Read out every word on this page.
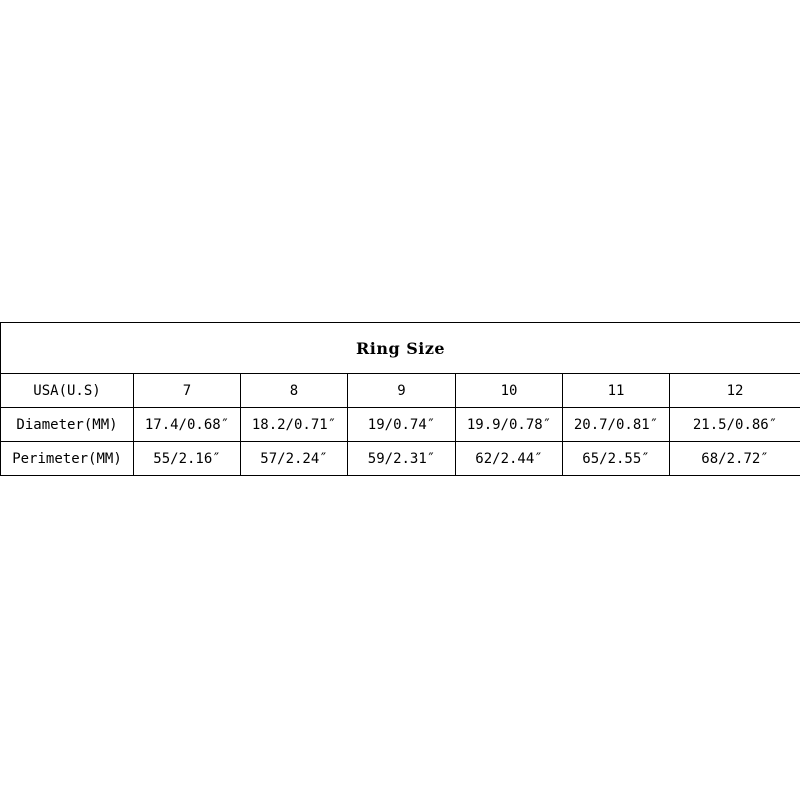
Ring Size						
USA(U.S)	7	8	9	10	11	12
Diameter(MM)	17.4/0.68″	18.2/0.71″	19/0.74″	19.9/0.78″	20.7/0.81″	21.5/0.86″
Perimeter(MM)	55/2.16″	57/2.24″	59/2.31″	62/2.44″	65/2.55″	68/2.72″
